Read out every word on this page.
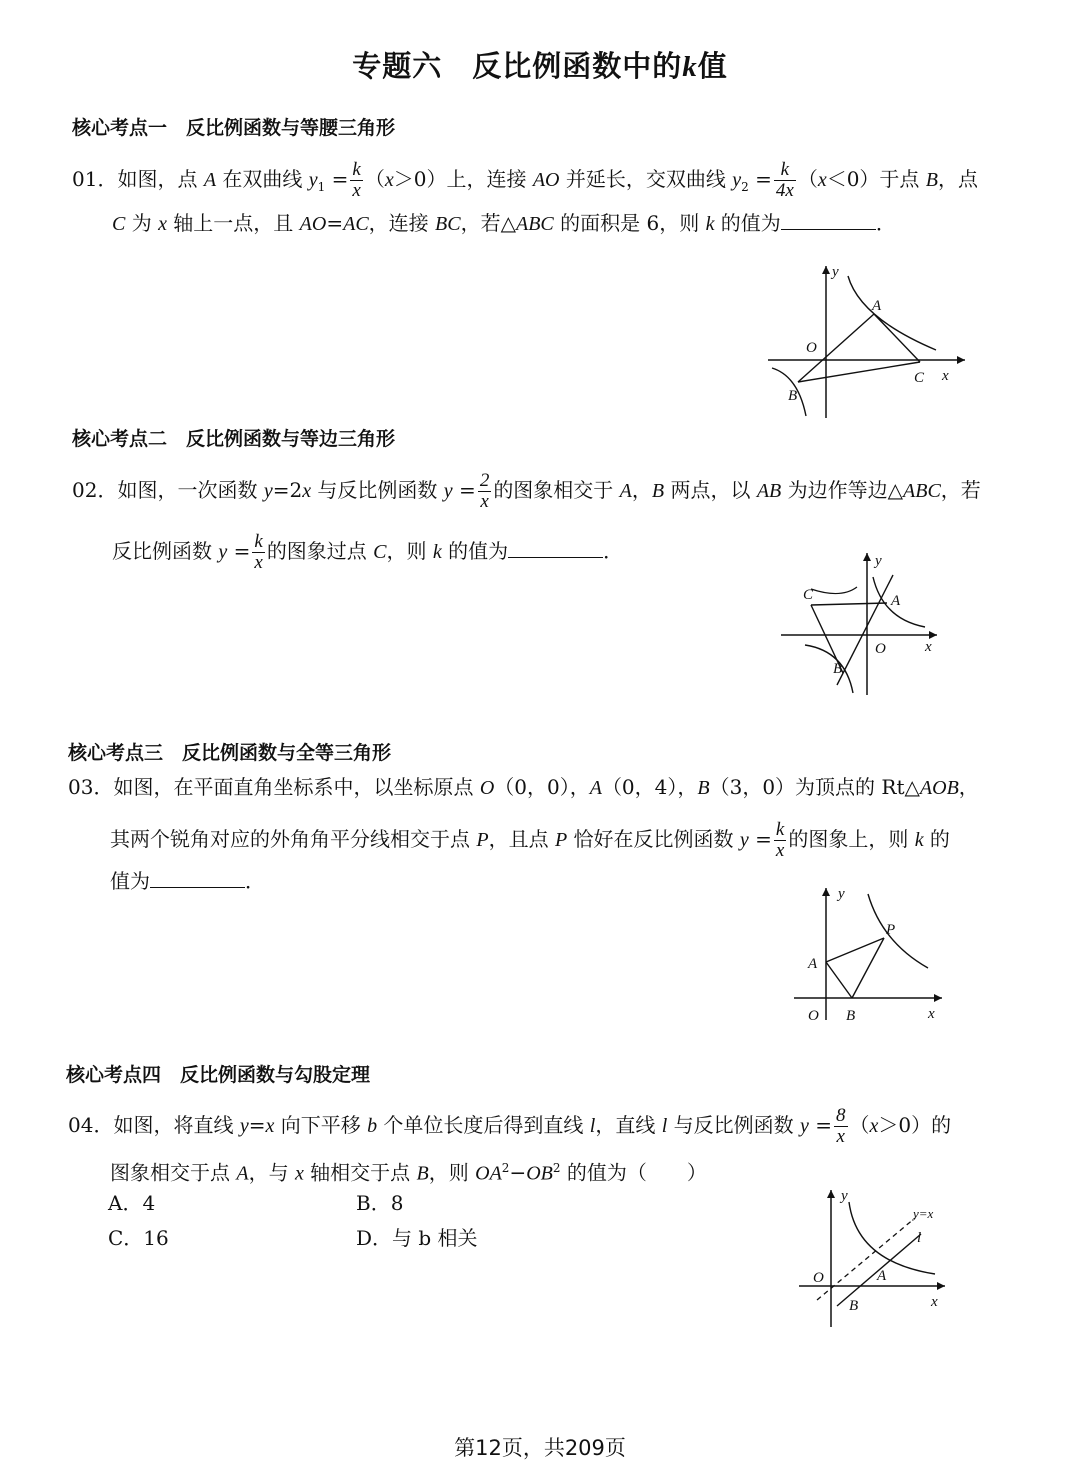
专题六　反比例函数中的k值
核心考点一　反比例函数与等腰三角形
01．如图，点 A 在双曲线 $y_1 = \frac{k}{x} (x>0)$上，连接 AO 并延长，交双曲线 $y_2 = \frac{k}{4x} (x<0)$于点 B，点
C 为 x 轴上一点，且 AO=AC，连接 BC，若△ABC 的面积是 6，则 k 的值为	．
y
A
O
C x
B
核心考点二　反比例函数与等边三角形
02．如图，一次函数 y=2x 与反比例函数 $y = \frac{2}{x}$ 的图象相交于 A，B 两点，以 AB 为边作等边△ABC，若
反比例函数 $y = \frac{k}{x}$ 的图象过点 C，则 k 的值为	．	y
C	A
O	x
B
核心考点三　反比例函数与全等三角形
03．如图，在平面直角坐标系中，以坐标原点 O（0，0），A（0，4），B（3，0）为顶点的 Rt△AOB，
其两个锐角对应的外角角平分线相交于点 P，且点 P 恰好在反比例函数 $y = \frac{k}{x}$ 的图象上，则 k 的
值为	．
y
P
A
O B	x
核心考点四　反比例函数与勾股定理
04．如图，将直线 y=x 向下平移 b 个单位长度后得到直线 l，直线 l 与反比例函数 $y = \frac{8}{x} (x>0)$的
图象相交于点 A，与 x 轴相交于点 B，则 $OA^2-OB^2$ 的值为（　　）
A．4	B．8
C．16	D．与 b 相关
y
y=x
l
O	A
B	x
第12页，共209页
